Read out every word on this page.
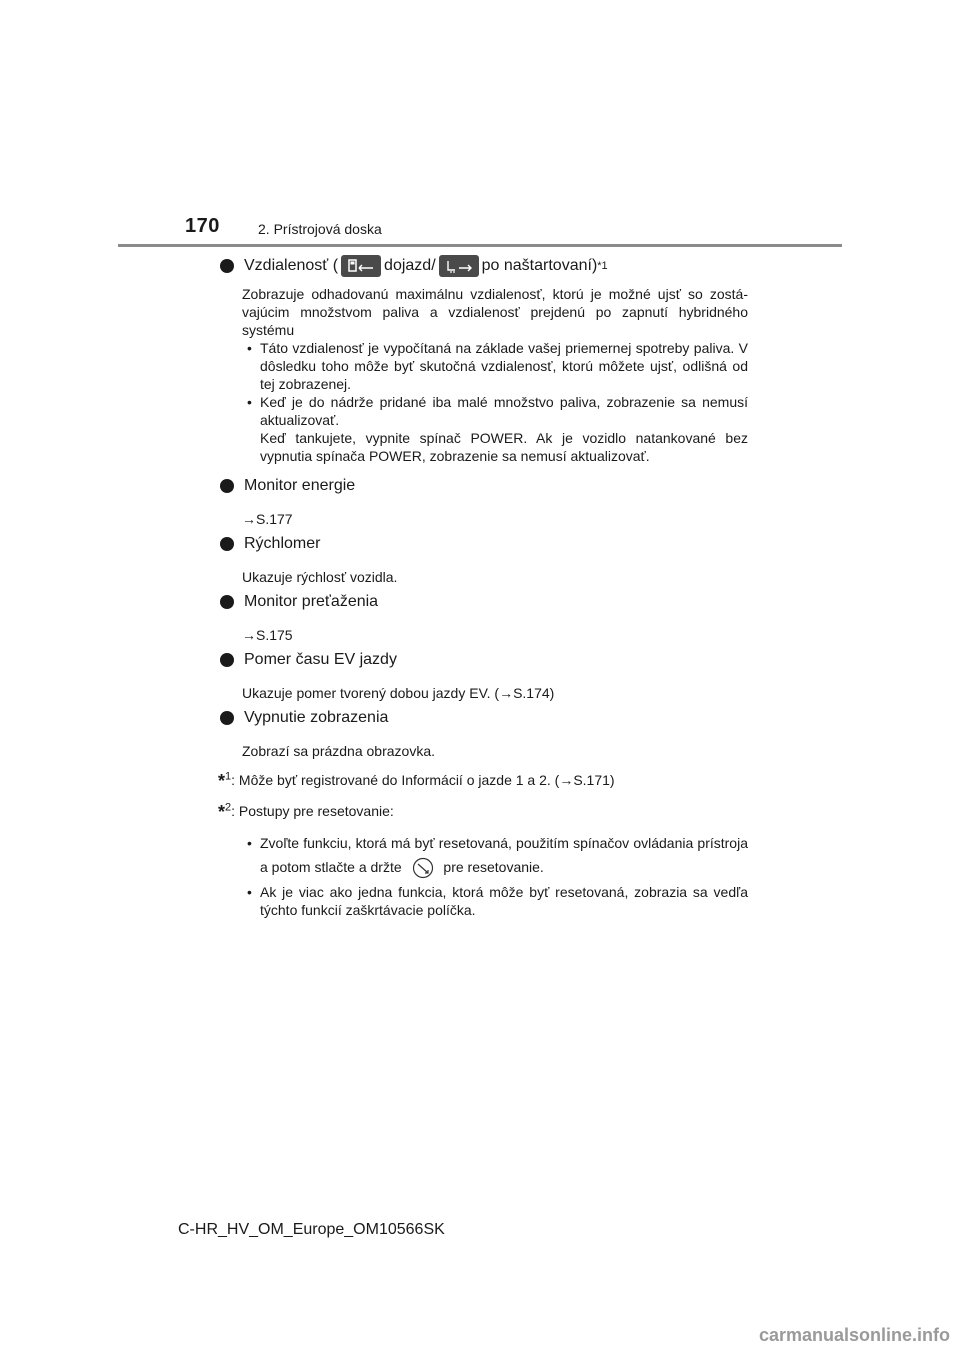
170	2. Prístrojová doska
Vzdialenosť (	dojazd/	po naštartovaní) *1
Zobrazuje odhadovanú maximálnu vzdialenosť, ktorú je možné ujsť so zostávajúcim množstvom paliva a vzdialenosť prejdenú po zapnutí hybridného systému
• Táto vzdialenosť je vypočítaná na základe vašej priemernej spotreby paliva. V dôsledku toho môže byť skutočná vzdialenosť, ktorú môžete ujsť, odlišná od tej zobrazenej.
• Keď je do nádrže pridané iba malé množstvo paliva, zobrazenie sa nemusí aktualizovať.
Keď tankujete, vypnite spínač POWER. Ak je vozidlo natankované bez vypnutia spínača POWER, zobrazenie sa nemusí aktualizovať.
Monitor energie
→S.177
Rýchlomer
Ukazuje rýchlosť vozidla.
Monitor preťaženia
→S.175
Pomer času EV jazdy
Ukazuje pomer tvorený dobou jazdy EV. (→S.174)
Vypnutie zobrazenia
Zobrazí sa prázdna obrazovka.
*$^1$: Môže byť registrované do Informácií o jazde 1 a 2. (→S.171)
*$^2$: Postupy pre resetovanie:
• Zvoľte funkciu, ktorá má byť resetovaná, použitím spínačov ovládania prístroja a potom stlačte a držte	pre resetovanie.
• Ak je viac ako jedna funkcia, ktorá môže byť resetovaná, zobrazia sa vedľa týchto funkcií zaškrtávacie políčka.
C-HR_HV_OM_Europe_OM10566SK
carmanualsonline.info
